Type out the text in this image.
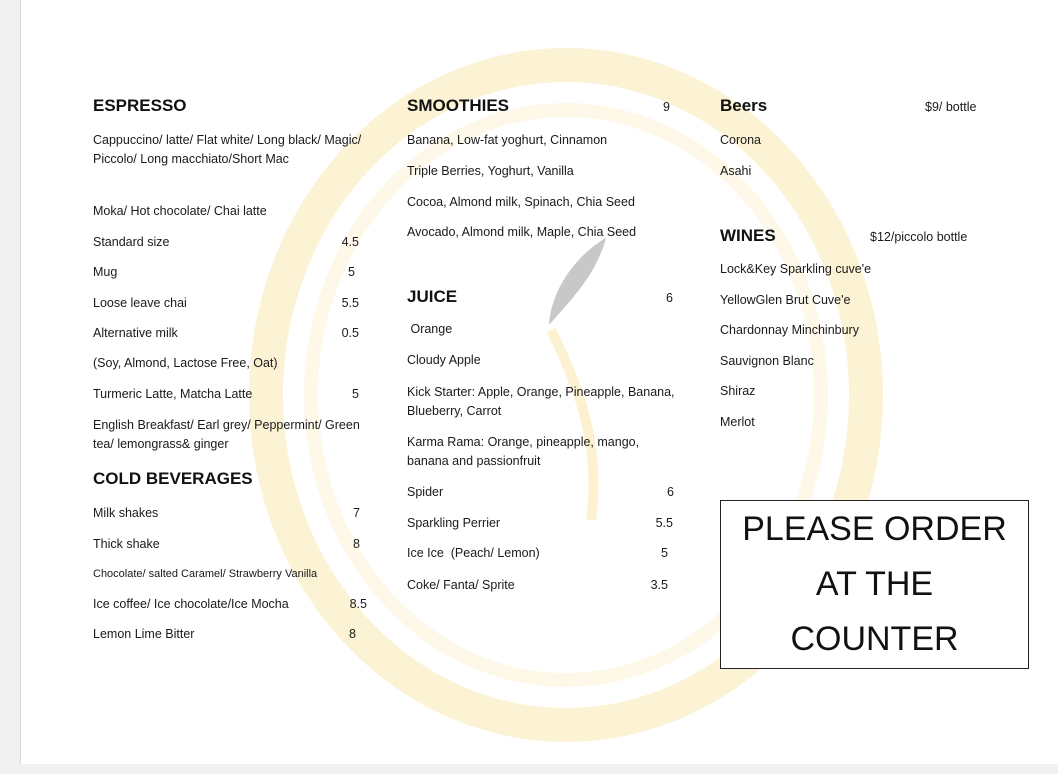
ESPRESSO
Cappuccino/ latte/ Flat white/ Long black/ Magic/ Piccolo/ Long macchiato/Short Mac
Moka/ Hot chocolate/ Chai latte
Standard size	4.5
Mug	5
Loose leave chai	5.5
Alternative milk	0.5
(Soy, Almond, Lactose Free, Oat)
Turmeric Latte, Matcha Latte	5
English Breakfast/ Earl grey/ Peppermint/ Green tea/ lemongrass& ginger
COLD BEVERAGES
Milk shakes	7
Thick shake	8
Chocolate/ salted Caramel/ Strawberry Vanilla
Ice coffee/ Ice chocolate/Ice Mocha	8.5
Lemon Lime Bitter	8
SMOOTHIES	9
Banana, Low-fat yoghurt, Cinnamon
Triple Berries, Yoghurt, Vanilla
Cocoa, Almond milk, Spinach, Chia Seed
Avocado, Almond milk, Maple, Chia Seed
JUICE	6
Orange
Cloudy Apple
Kick Starter: Apple, Orange, Pineapple, Banana, Blueberry, Carrot
Karma Rama: Orange, pineapple, mango, banana and passionfruit
Spider	6
Sparkling Perrier	5.5
Ice Ice  (Peach/ Lemon)	5
Coke/ Fanta/ Sprite	3.5
Beers	$9/ bottle
Corona
Asahi
WINES	$12/piccolo bottle
Lock&Key Sparkling cuve'e
YellowGlen Brut Cuve'e
Chardonnay Minchinbury
Sauvignon Blanc
Shiraz
Merlot
PLEASE ORDER
AT THE
COUNTER
